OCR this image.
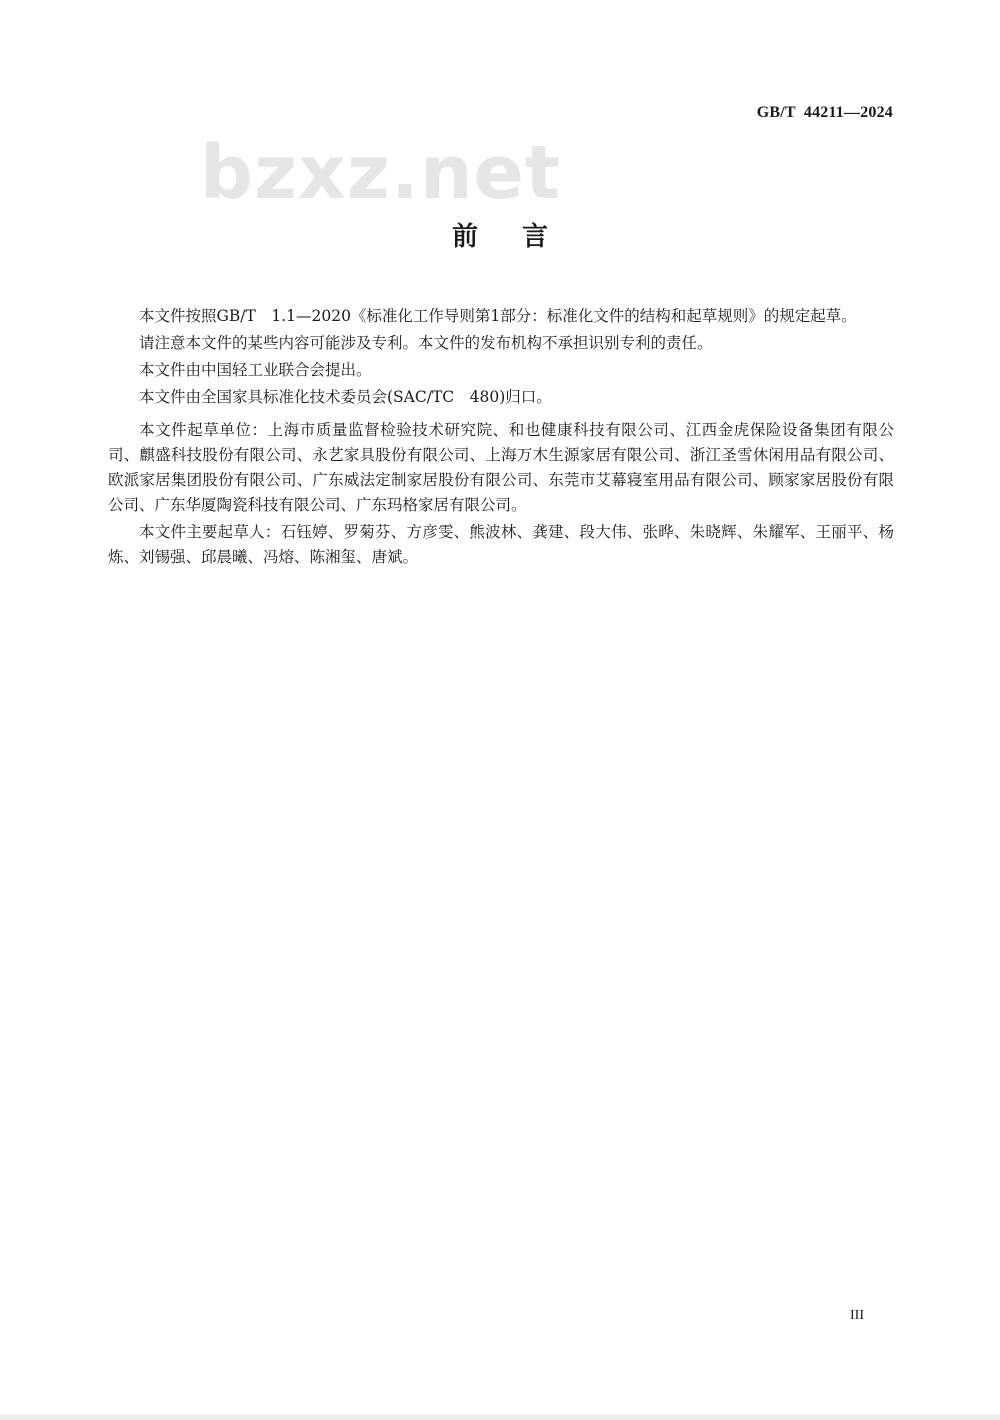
GB/T  44211—2024
bzxz.net
前言

本文件按照GB/T　1.1—2020《标准化工作导则第1部分：标准化文件的结构和起草规则》的规定起草。

请注意本文件的某些内容可能涉及专利。本文件的发布机构不承担识别专利的责任。

本文件由中国轻工业联合会提出。

本文件由全国家具标准化技术委员会(SAC/TC　480)归口。

本文件起草单位：上海市质量监督检验技术研究院、和也健康科技有限公司、江西金虎保险设备集团有限公司、麒盛科技股份有限公司、永艺家具股份有限公司、上海万木生源家居有限公司、浙江圣雪休闲用品有限公司、欧派家居集团股份有限公司、广东威法定制家居股份有限公司、东莞市艾幕寝室用品有限公司、顾家家居股份有限公司、广东华厦陶瓷科技有限公司、广东玛格家居有限公司。

本文件主要起草人：石钰婷、罗菊芬、方彦雯、熊波林、龚建、段大伟、张晔、朱晓辉、朱耀军、王丽平、杨炼、刘锡强、邱晨曦、冯熔、陈湘玺、唐斌。

III
